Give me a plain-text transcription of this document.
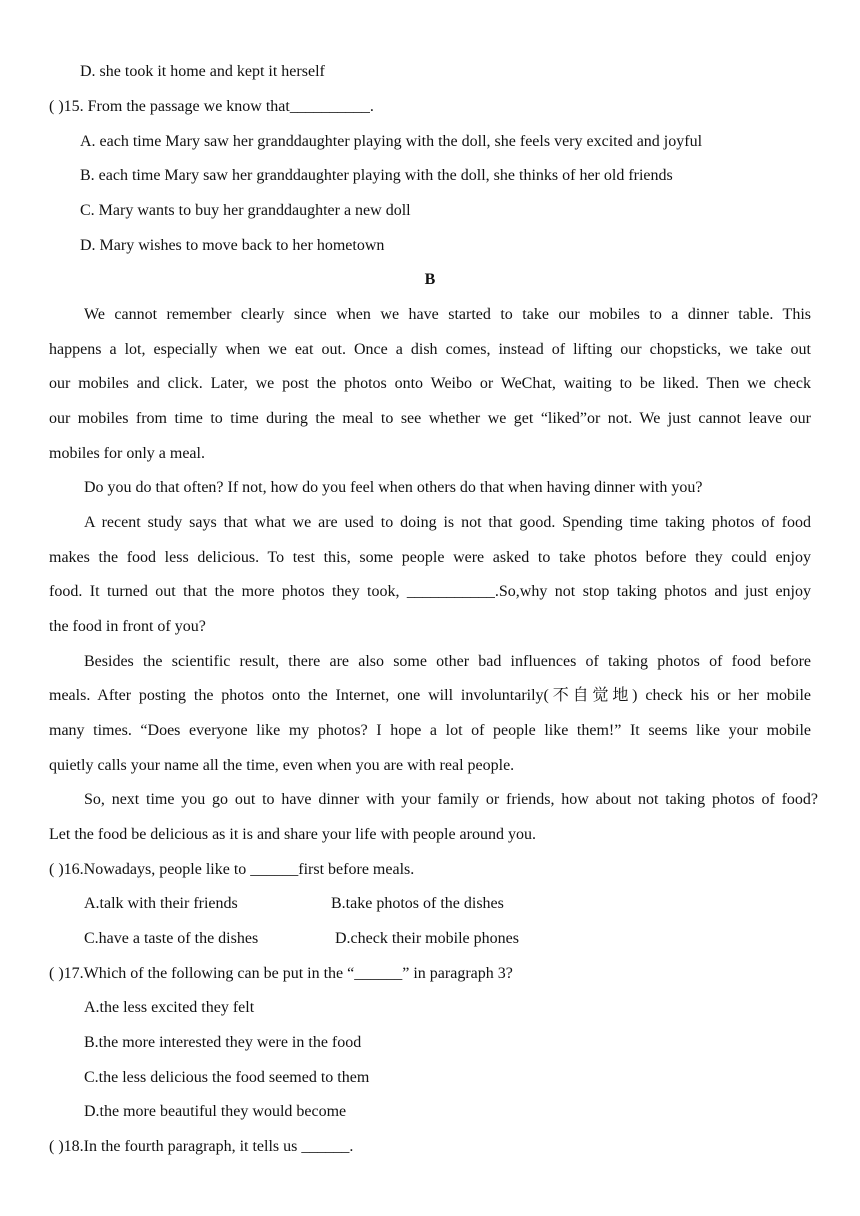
D. she took it home and kept it herself
( )15. From the passage we know that__________.
A. each time Mary saw her granddaughter playing with the doll, she feels very excited and joyful
B. each time Mary saw her granddaughter playing with the doll, she thinks of her old friends
C. Mary wants to buy her granddaughter a new doll
D. Mary wishes to move back to her hometown
B
We cannot remember clearly since when we have started to take our mobiles to a dinner table. This
happens a lot, especially when we eat out. Once a dish comes, instead of lifting our chopsticks, we take out
our mobiles and click. Later, we post the photos onto Weibo or WeChat, waiting to be liked. Then we check
our mobiles from time to time during the meal to see whether we get “liked”or not. We just cannot leave our
mobiles for only a meal.
Do you do that often? If not, how do you feel when others do that when having dinner with you?
A recent study says that what we are used to doing is not that good. Spending time taking photos of food
makes the food less delicious. To test this, some people were asked to take photos before they could enjoy
food. It turned out that the more photos they took, ___________.So,why not stop taking photos and just enjoy
the food in front of you?
Besides the scientific result, there are also some other bad influences of taking photos of food before
meals. After posting the photos onto the Internet, one will involuntarily(不自觉地) check his or her mobile
many times. “Does everyone like my photos? I hope a lot of people like them!” It seems like your mobile
quietly calls your name all the time, even when you are with real people.
So, next time you go out to have dinner with your family or friends, how about not taking photos of food?
Let the food be delicious as it is and share your life with people around you.
( )16.Nowadays, people like to ______first before meals.
A.talk with their friends	B.take photos of the dishes
C.have a taste of the dishes	D.check their mobile phones
( )17.Which of the following can be put in the “______” in paragraph 3?
A.the less excited they felt
B.the more interested they were in the food
C.the less delicious the food seemed to them
D.the more beautiful they would become
( )18.In the fourth paragraph, it tells us ______.
